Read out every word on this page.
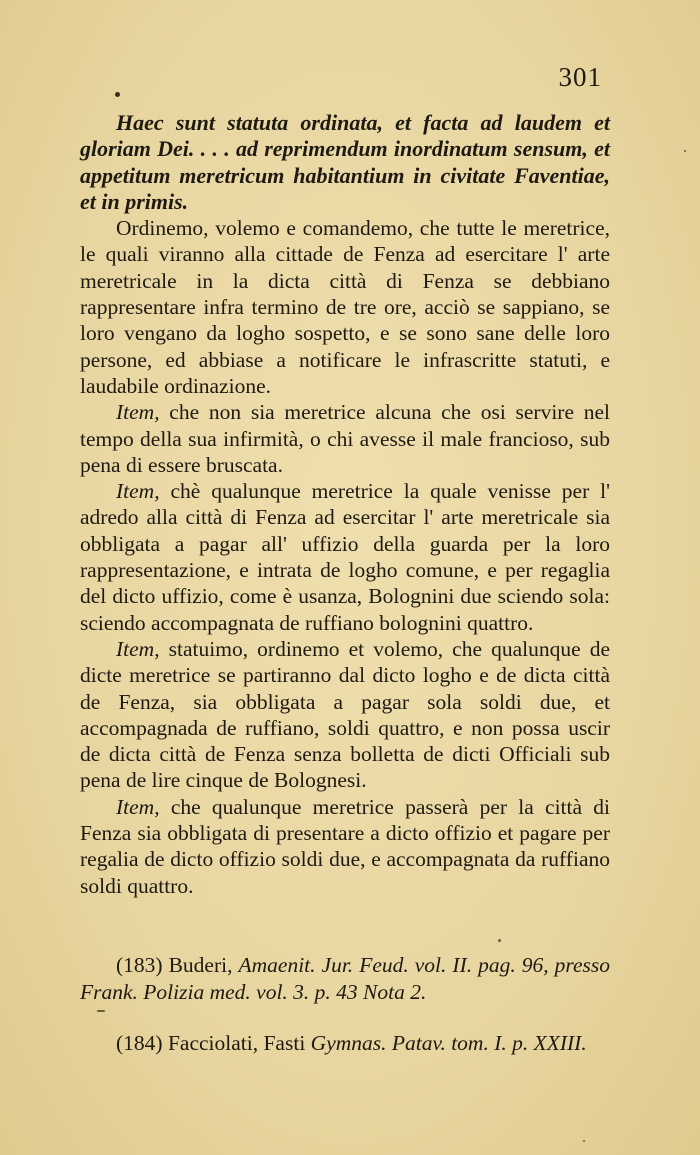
301

Haec sunt statuta ordinata, et facta ad laudem et gloriam Dei. . . . ad reprimendum inordinatum sensum, et appetitum meretricum habitantium in civitate Faventiae, et in primis.

Ordinemo, volemo e comandemo, che tutte le meretrice, le quali viranno alla cittade de Fenza ad esercitare l' arte meretricale in la dicta città di Fenza se debbiano rappresentare infra termino de tre ore, acciò se sappiano, se loro vengano da logho sospetto, e se sono sane delle loro persone, ed abbiase a notificare le infrascritte statuti, e laudabile ordinazione.

Item, che non sia meretrice alcuna che osi servire nel tempo della sua infirmità, o chi avesse il male francioso, sub pena di essere bruscata.

Item, chè qualunque meretrice la quale venisse per l' adredo alla città di Fenza ad esercitar l' arte meretricale sia obbligata a pagar all' uffizio della guarda per la loro rappresentazione, e intrata de logho comune, e per regaglia del dicto uffizio, come è usanza, Bolognini due sciendo sola: sciendo accompagnata de ruffiano bolognini quattro.

Item, statuimo, ordinemo et volemo, che qualunque de dicte meretrice se partiranno dal dicto logho e de dicta città de Fenza, sia obbligata a pagar sola soldi due, et accompagnada de ruffiano, soldi quattro, e non possa uscir de dicta città de Fenza senza bolletta de dicti Officiali sub pena de lire cinque de Bolognesi.

Item, che qualunque meretrice passerà per la città di Fenza sia obbligata di presentare a dicto offizio et pagare per regalia de dicto offizio soldi due, e accompagnata da ruffiano soldi quattro.

(183) Buderi, Amaenit. Jur. Feud. vol. II. pag. 96, presso Frank. Polizia med. vol. 3. p. 43 Nota 2.

(184) Facciolati, Fasti Gymnas. Patav. tom. I. p. XXIII.
